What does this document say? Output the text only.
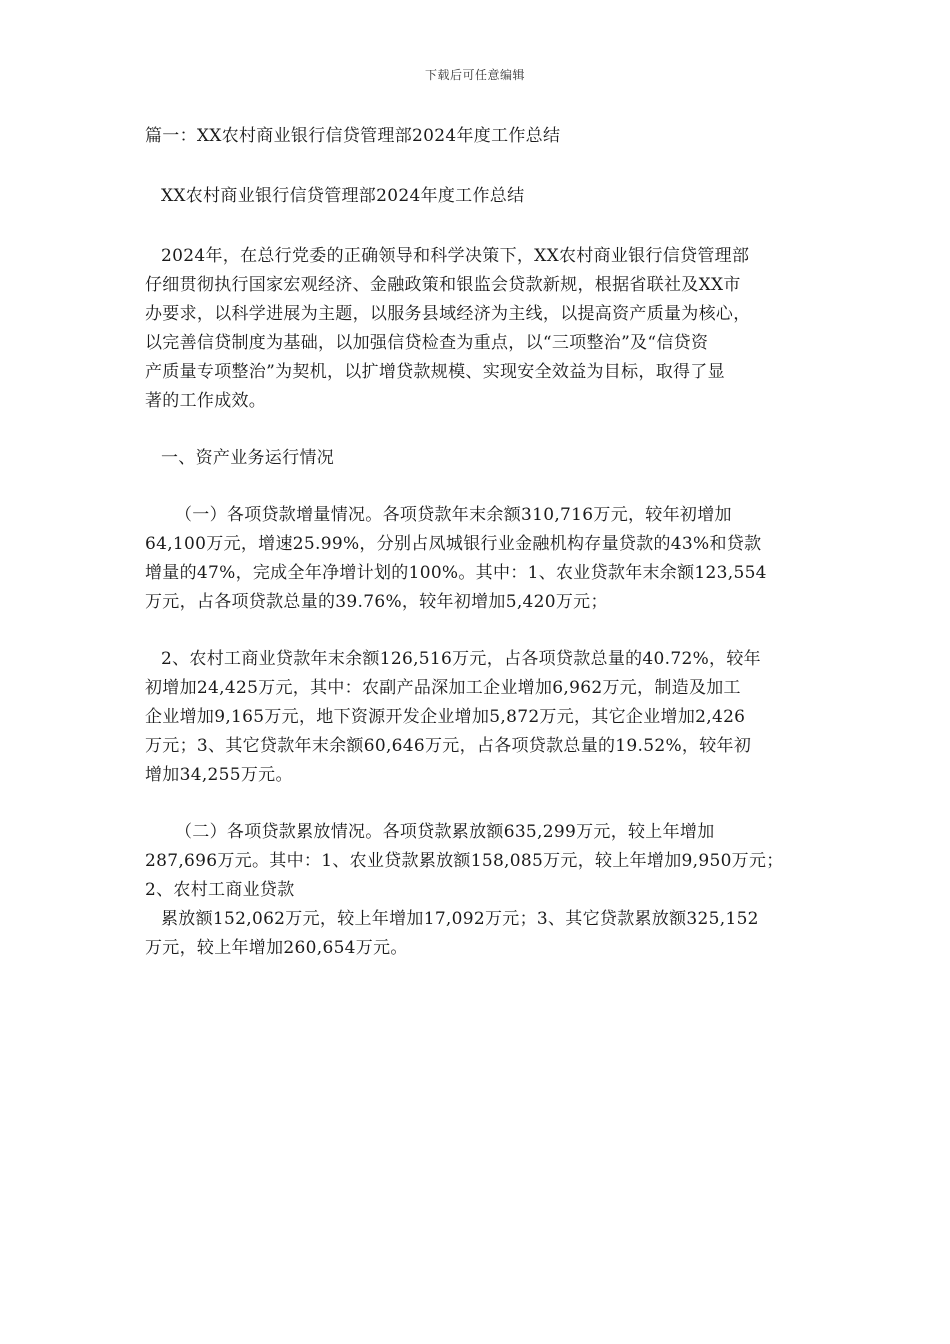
下载后可任意编辑
篇一：XX农村商业银行信贷管理部2024年度工作总结
XX农村商业银行信贷管理部2024年度工作总结
2024年，在总行党委的正确领导和科学决策下，XX农村商业银行信贷管理部
仔细贯彻执行国家宏观经济、金融政策和银监会贷款新规，根据省联社及XX市
办要求，以科学进展为主题，以服务县域经济为主线，以提高资产质量为核心，
以完善信贷制度为基础，以加强信贷检查为重点，以“三项整治”及“信贷资
产质量专项整治”为契机，以扩增贷款规模、实现安全效益为目标，取得了显
著的工作成效。
一、资产业务运行情况
（一）各项贷款增量情况。各项贷款年末余额310,716万元，较年初增加
64,100万元，增速25.99%，分别占凤城银行业金融机构存量贷款的43%和贷款
增量的47%，完成全年净增计划的100%。其中：1、农业贷款年末余额123,554
万元，占各项贷款总量的39.76%，较年初增加5,420万元；
2、农村工商业贷款年末余额126,516万元，占各项贷款总量的40.72%，较年
初增加24,425万元，其中：农副产品深加工企业增加6,962万元，制造及加工
企业增加9,165万元，地下资源开发企业增加5,872万元，其它企业增加2,426
万元；3、其它贷款年末余额60,646万元，占各项贷款总量的19.52%，较年初
增加34,255万元。
（二）各项贷款累放情况。各项贷款累放额635,299万元，较上年增加
287,696万元。其中：1、农业贷款累放额158,085万元，较上年增加9,950万元；
2、农村工商业贷款
累放额152,062万元，较上年增加17,092万元；3、其它贷款累放额325,152
万元，较上年增加260,654万元。
